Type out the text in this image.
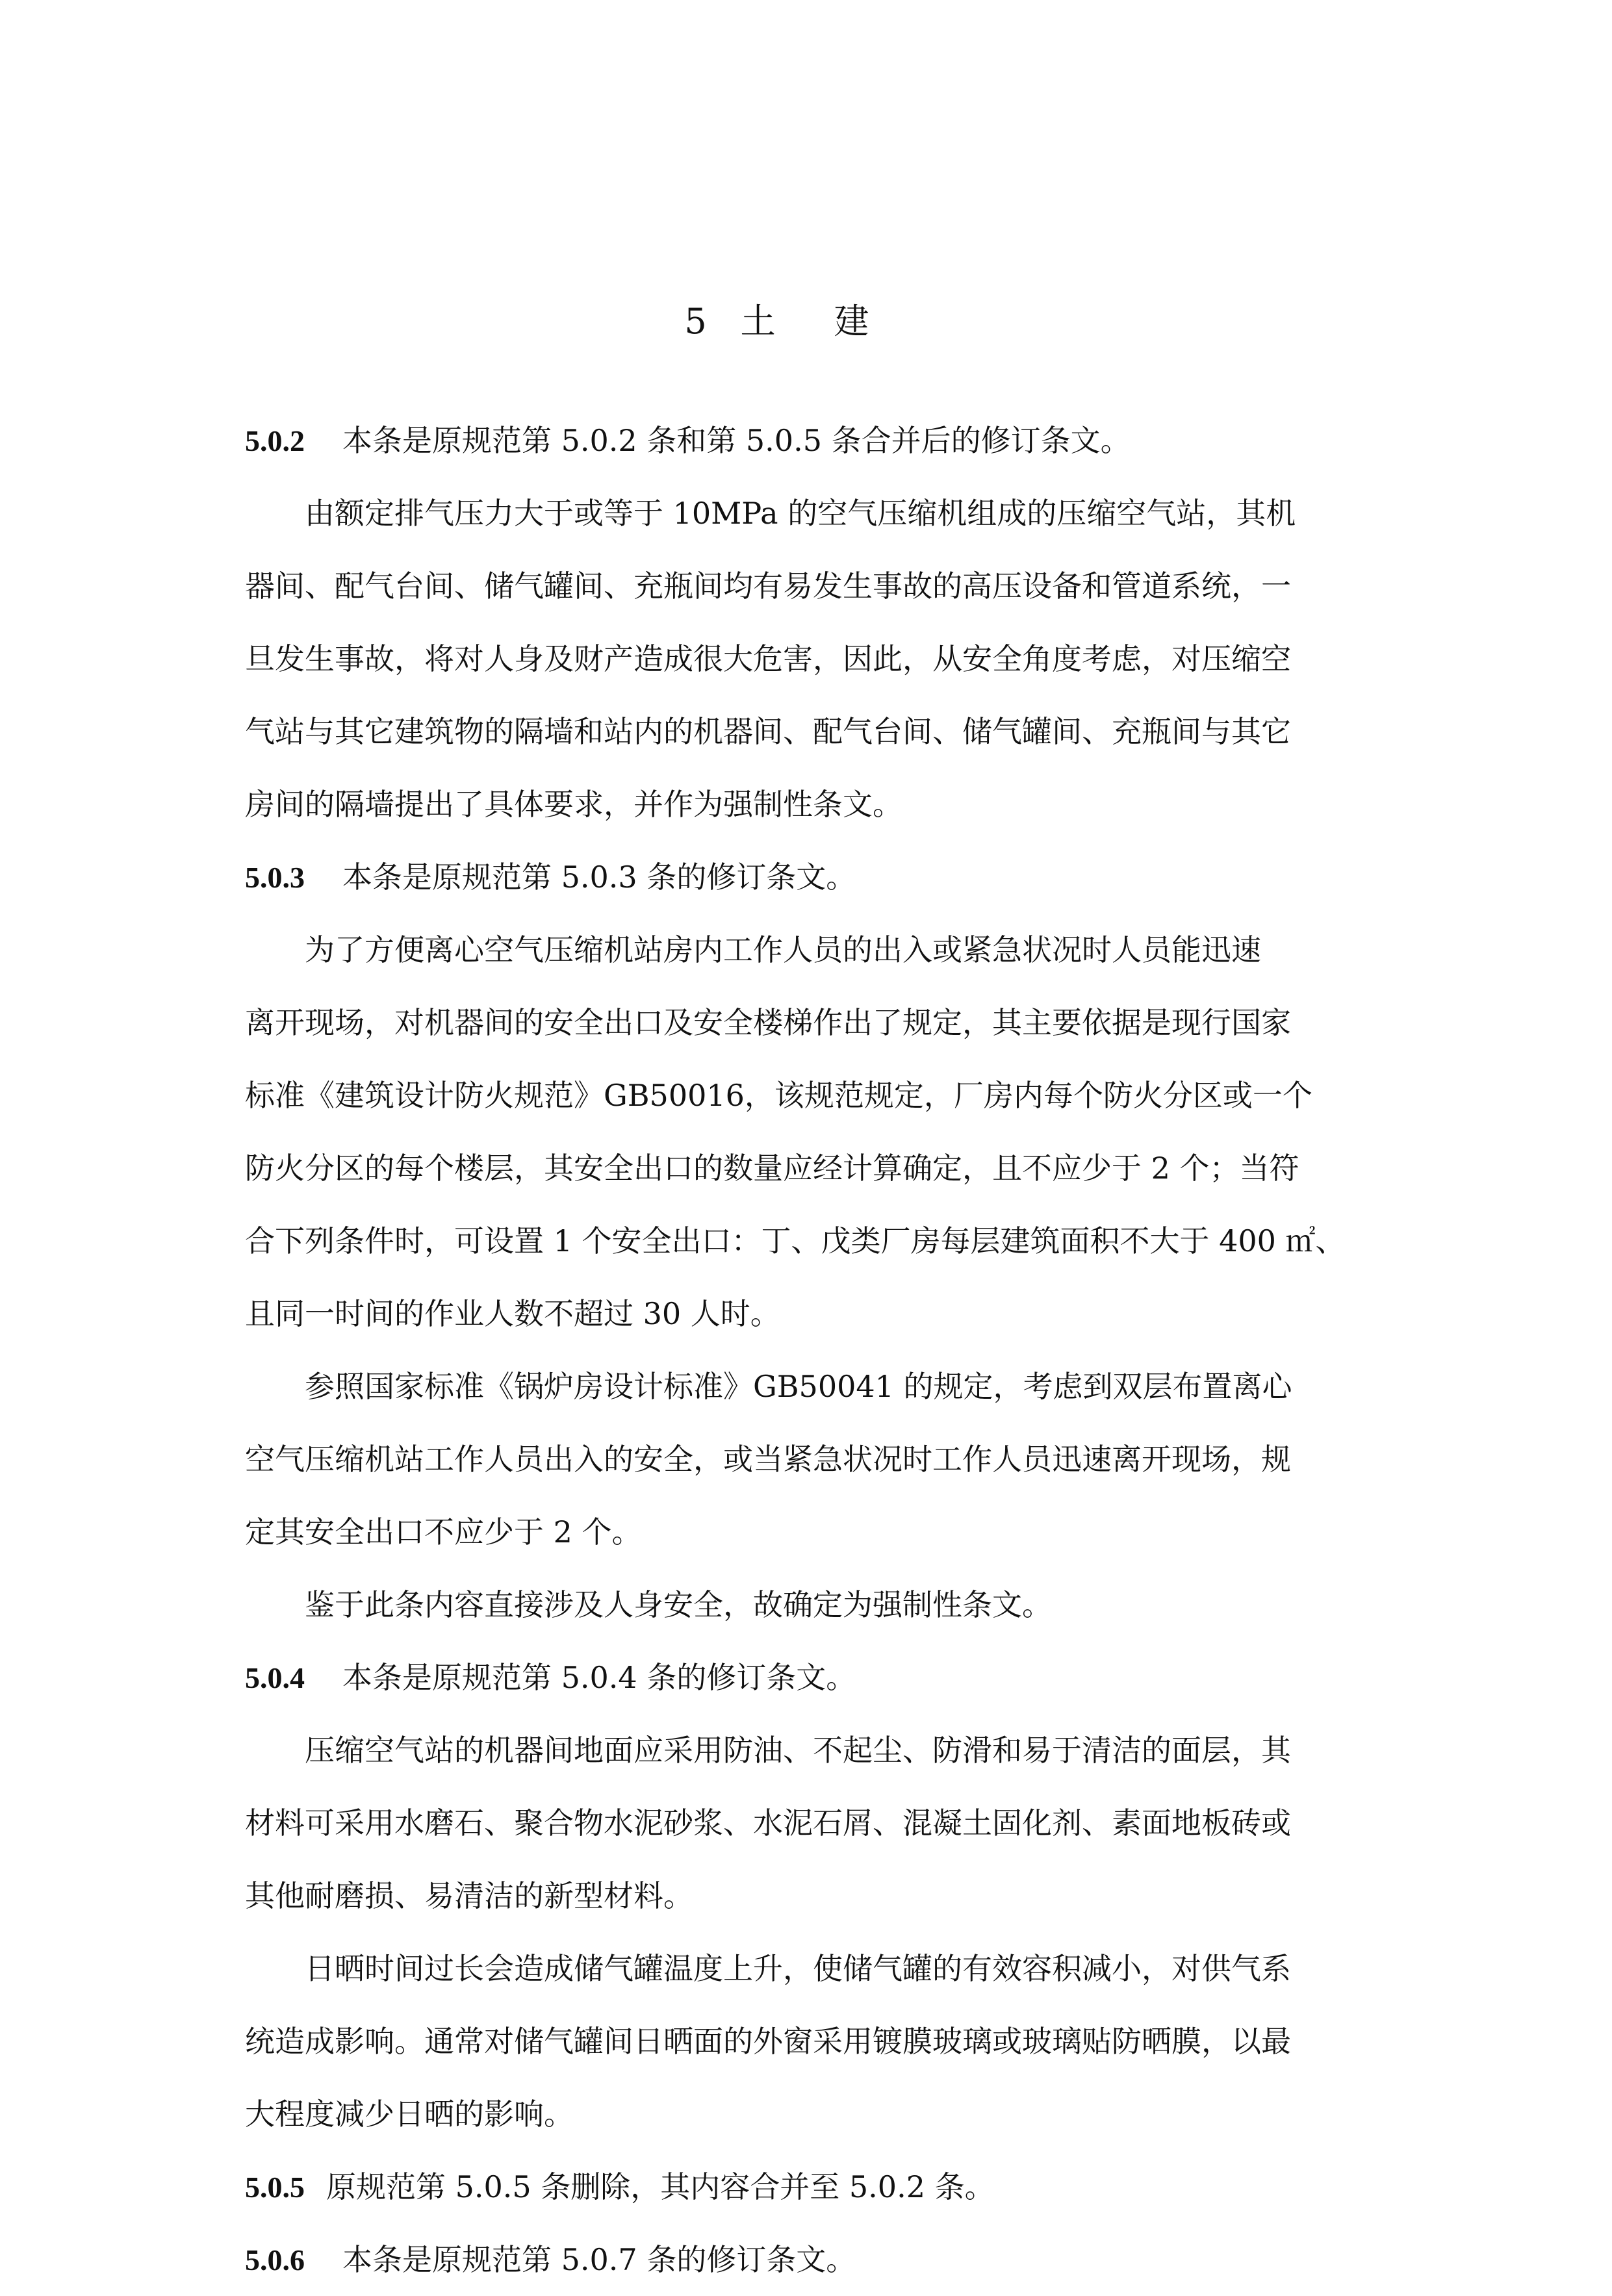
5 土建
5.0.2 本条是原规范第 5.0.2 条和第 5.0.5 条合并后的修订条文。
由额定排气压力大于或等于 10MPa 的空气压缩机组成的压缩空气站，其机
器间、配气台间、储气罐间、充瓶间均有易发生事故的高压设备和管道系统，一
旦发生事故，将对人身及财产造成很大危害，因此，从安全角度考虑，对压缩空
气站与其它建筑物的隔墙和站内的机器间、配气台间、储气罐间、充瓶间与其它
房间的隔墙提出了具体要求，并作为强制性条文。
5.0.3 本条是原规范第 5.0.3 条的修订条文。
为了方便离心空气压缩机站房内工作人员的出入或紧急状况时人员能迅速
离开现场，对机器间的安全出口及安全楼梯作出了规定，其主要依据是现行国家
标准《建筑设计防火规范》GB50016，该规范规定，厂房内每个防火分区或一个
防火分区的每个楼层，其安全出口的数量应经计算确定，且不应少于 2 个；当符
合下列条件时，可设置 1 个安全出口：丁、戊类厂房每层建筑面积不大于 400 ㎡、
且同一时间的作业人数不超过 30 人时。
参照国家标准《锅炉房设计标准》GB50041 的规定，考虑到双层布置离心
空气压缩机站工作人员出入的安全，或当紧急状况时工作人员迅速离开现场，规
定其安全出口不应少于 2 个。
鉴于此条内容直接涉及人身安全，故确定为强制性条文。
5.0.4 本条是原规范第 5.0.4 条的修订条文。
压缩空气站的机器间地面应采用防油、不起尘、防滑和易于清洁的面层，其
材料可采用水磨石、聚合物水泥砂浆、水泥石屑、混凝土固化剂、素面地板砖或
其他耐磨损、易清洁的新型材料。
日晒时间过长会造成储气罐温度上升，使储气罐的有效容积减小，对供气系
统造成影响。通常对储气罐间日晒面的外窗采用镀膜玻璃或玻璃贴防晒膜，以最
大程度减少日晒的影响。
5.0.5 原规范第 5.0.5 条删除，其内容合并至 5.0.2 条。
5.0.6 本条是原规范第 5.0.7 条的修订条文。
